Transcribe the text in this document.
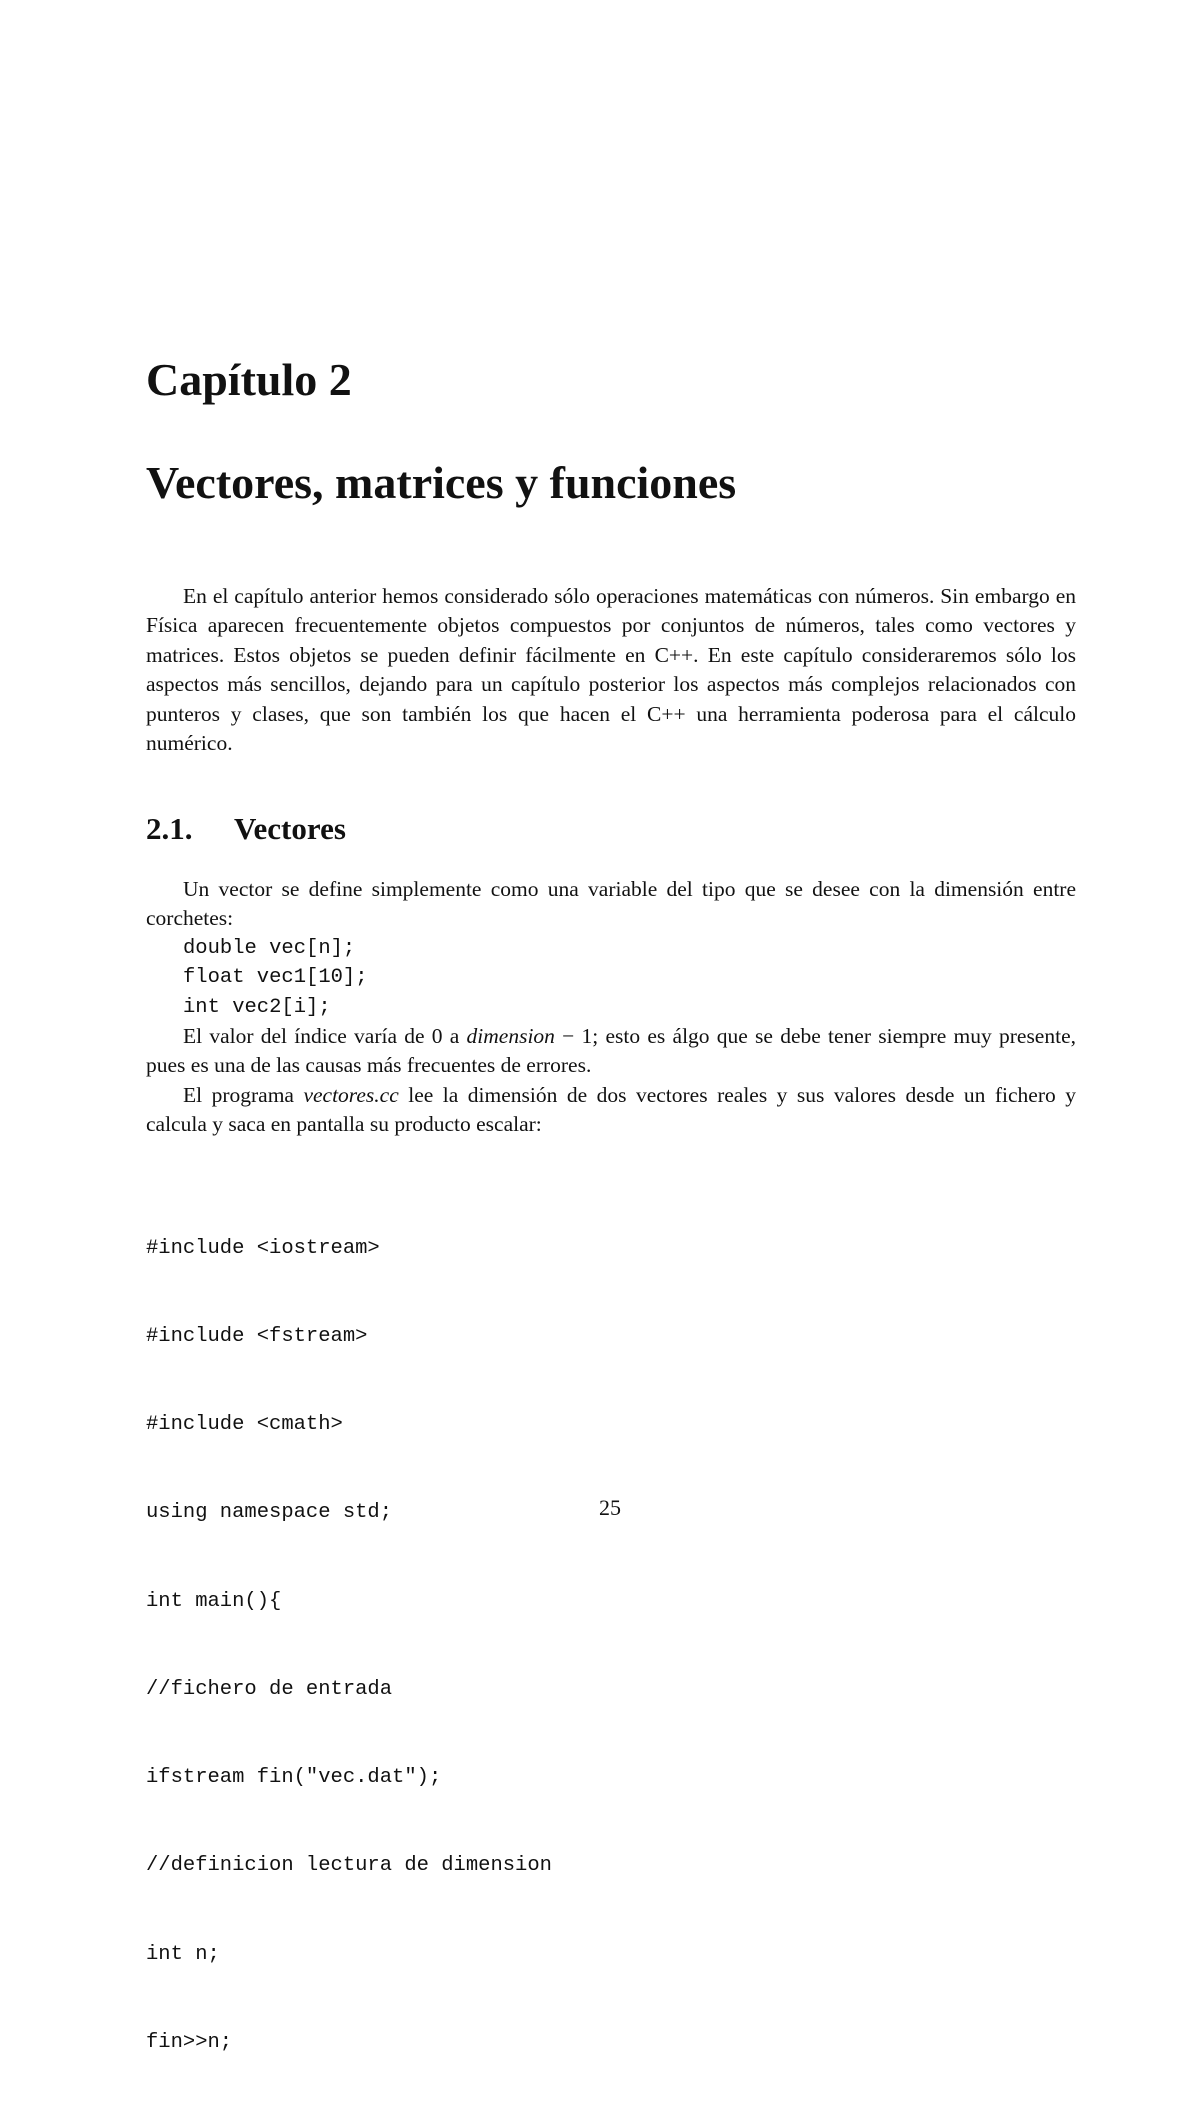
Capítulo 2
Vectores, matrices y funciones

En el capítulo anterior hemos considerado sólo operaciones matemáticas con números. Sin embargo en Física aparecen frecuentemente objetos compuestos por conjuntos de números, tales como vectores y matrices. Estos objetos se pueden definir fácilmente en C++. En este capítulo consideraremos sólo los aspectos más sencillos, dejando para un capítulo posterior los aspectos más complejos relacionados con punteros y clases, que son también los que hacen el C++ una herramienta poderosa para el cálculo numérico.

2.1. Vectores

Un vector se define simplemente como una variable del tipo que se desee con la dimensión entre corchetes:

double vec[n];
float vec1[10];
int vec2[i];

El valor del índice varía de 0 a dimension − 1; esto es álgo que se debe tener siempre muy presente, pues es una de las causas más frecuentes de errores.

El programa vectores.cc lee la dimensión de dos vectores reales y sus valores desde un fichero y calcula y saca en pantalla su producto escalar:

#include <iostream>

#include <fstream>

#include <cmath>

using namespace std;

int main(){

//fichero de entrada

ifstream fin("vec.dat");

//definicion lectura de dimension

int n;

fin>>n;

25
